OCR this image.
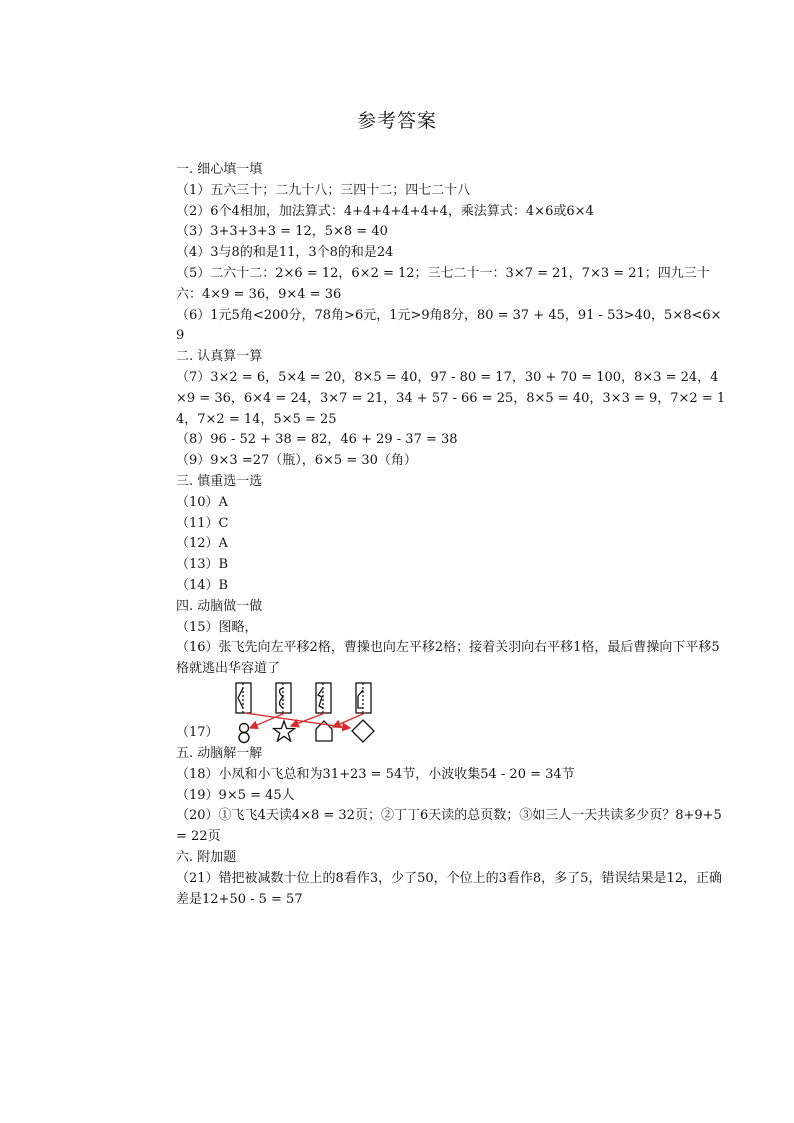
参考答案
一. 细心填一填
（1）五六三十；二九十八；三四十二；四七二十八
（2）6个4相加，加法算式：4+4+4+4+4+4，乘法算式：4×6或6×4
（3）3+3+3+3 = 12，5×8 = 40
（4）3与8的和是11，3个8的和是24
（5）二六十二：2×6 = 12，6×2 = 12；三七二十一：3×7 = 21，7×3 = 21；四九三十六：4×9 = 36，9×4 = 36
（6）1元5角<200分，78角>6元，1元>9角8分，80 = 37 + 45，91 - 53>40，5×8<6×9
二. 认真算一算
（7）3×2 = 6，5×4 = 20，8×5 = 40，97 - 80 = 17，30 + 70 = 100，8×3 = 24，4×9 = 36，6×4 = 24，3×7 = 21，34 + 57 - 66 = 25，8×5 = 40，3×3 = 9，7×2 = 14，7×2 = 14，5×5 = 25
（8）96 - 52 + 38 = 82，46 + 29 - 37 = 38
（9）9×3 =27（瓶），6×5 = 30（角）
三. 慎重选一选
（10）A
（11）C
（12）A
（13）B
（14）B
四. 动脑做一做
（15）图略，
（16）张飞先向左平移2格，曹操也向左平移2格；接着关羽向右平移1格，最后曹操向下平移5格就逃出华容道了
（17）
五. 动脑解一解
（18）小凤和小飞总和为31+23 = 54节，小波收集54 - 20 = 34节
（19）9×5 = 45人
（20）①飞飞4天读4×8 = 32页；②丁丁6天读的总页数；③如三人一天共读多少页？8+9+5 = 22页
六. 附加题
（21）错把被减数十位上的8看作3，少了50，个位上的3看作8，多了5，错误结果是12，正确差是12+50 - 5 = 57
